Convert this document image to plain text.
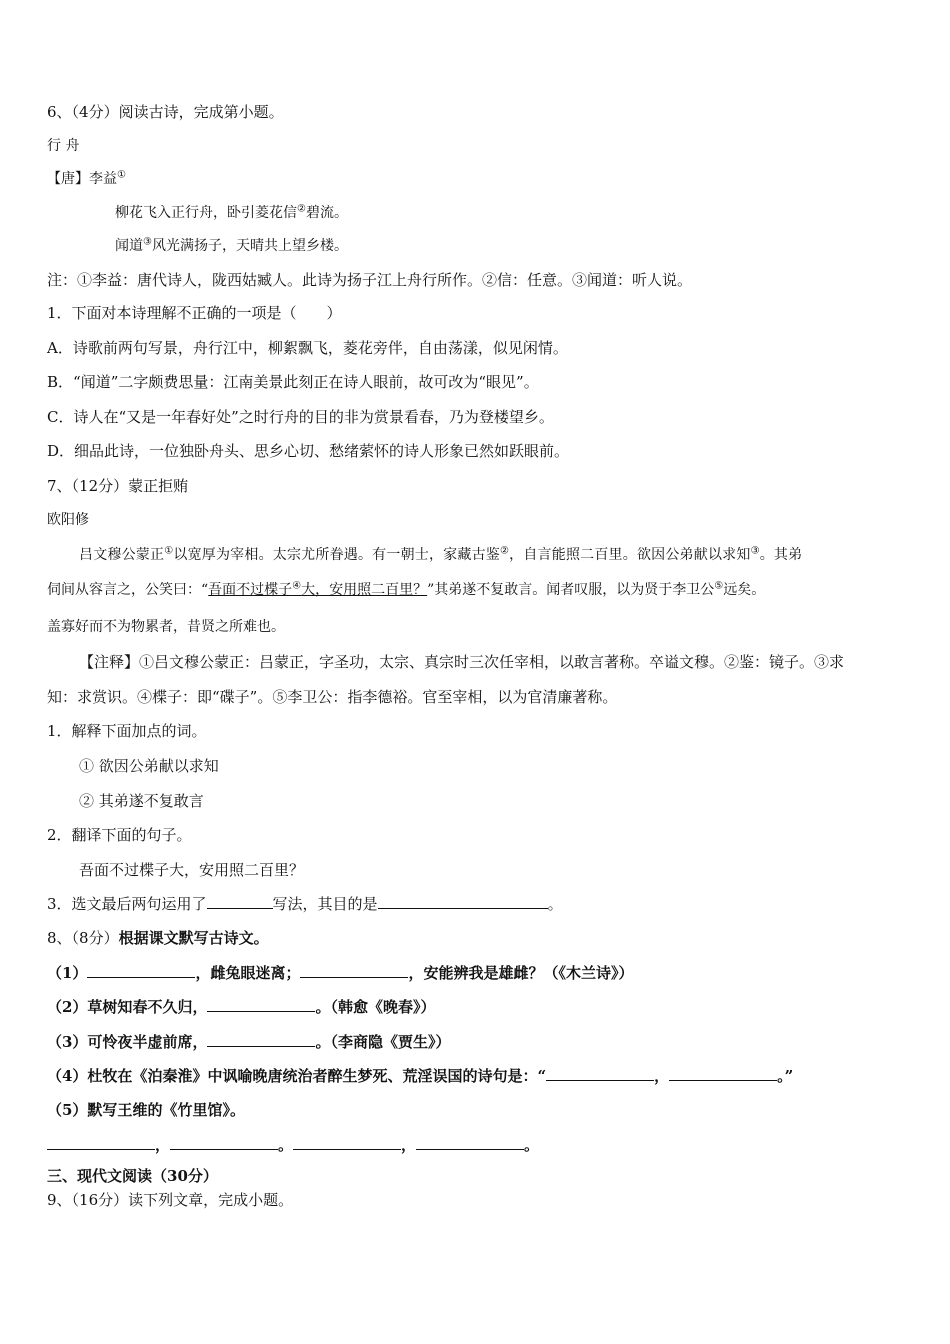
6、（4分）阅读古诗，完成第小题。
行 舟
【唐】李益①
柳花飞入正行舟，卧引菱花信②碧流。
闻道③风光满扬子，天晴共上望乡楼。
注：①李益：唐代诗人，陇西姑臧人。此诗为扬子江上舟行所作。②信：任意。③闻道：听人说。
1．下面对本诗理解不正确的一项是（　　）
A．诗歌前两句写景，舟行江中，柳絮飘飞，菱花旁伴，自由荡漾，似见闲情。
B．“闻道”二字颇费思量：江南美景此刻正在诗人眼前，故可改为“眼见”。
C．诗人在“又是一年春好处”之时行舟的目的非为赏景看春，乃为登楼望乡。
D．细品此诗，一位独卧舟头、思乡心切、愁绪萦怀的诗人形象已然如跃眼前。
7、（12分）蒙正拒贿
欧阳修
吕文穆公蒙正①以宽厚为宰相。太宗尤所眷遇。有一朝士，家藏古鉴②，自言能照二百里。欲因公弟献以求知③。其弟
伺间从容言之，公笑曰：“吾面不过楪子④大，安用照二百里？”其弟遂不复敢言。闻者叹服，以为贤于李卫公⑤远矣。
盖寡好而不为物累者，昔贤之所难也。
【注释】①吕文穆公蒙正：吕蒙正，字圣功，太宗、真宗时三次任宰相，以敢言著称。卒谥文穆。②鉴：镜子。③求
知：求赏识。④楪子：即“碟子”。⑤李卫公：指李德裕。官至宰相，以为官清廉著称。
1．解释下面加点的词。
① 欲因公弟献以求知
② 其弟遂不复敢言
2．翻译下面的句子。
吾面不过楪子大，安用照二百里？
3．选文最后两句运用了	写法，其目的是	。
8、（8分）根据课文默写古诗文。
（1）	，雌兔眼迷离；	，安能辨我是雄雌？（《木兰诗》）
（2）草树知春不久归，	。（韩愈《晚春》）
（3）可怜夜半虚前席，	。（李商隐《贾生》）
（4）杜牧在《泊秦淮》中讽喻晚唐统治者醉生梦死、荒淫误国的诗句是：“	，	。”
（5）默写王维的《竹里馆》。
，	。	，	。
三、现代文阅读（30分）
9、（16分）读下列文章，完成小题。
